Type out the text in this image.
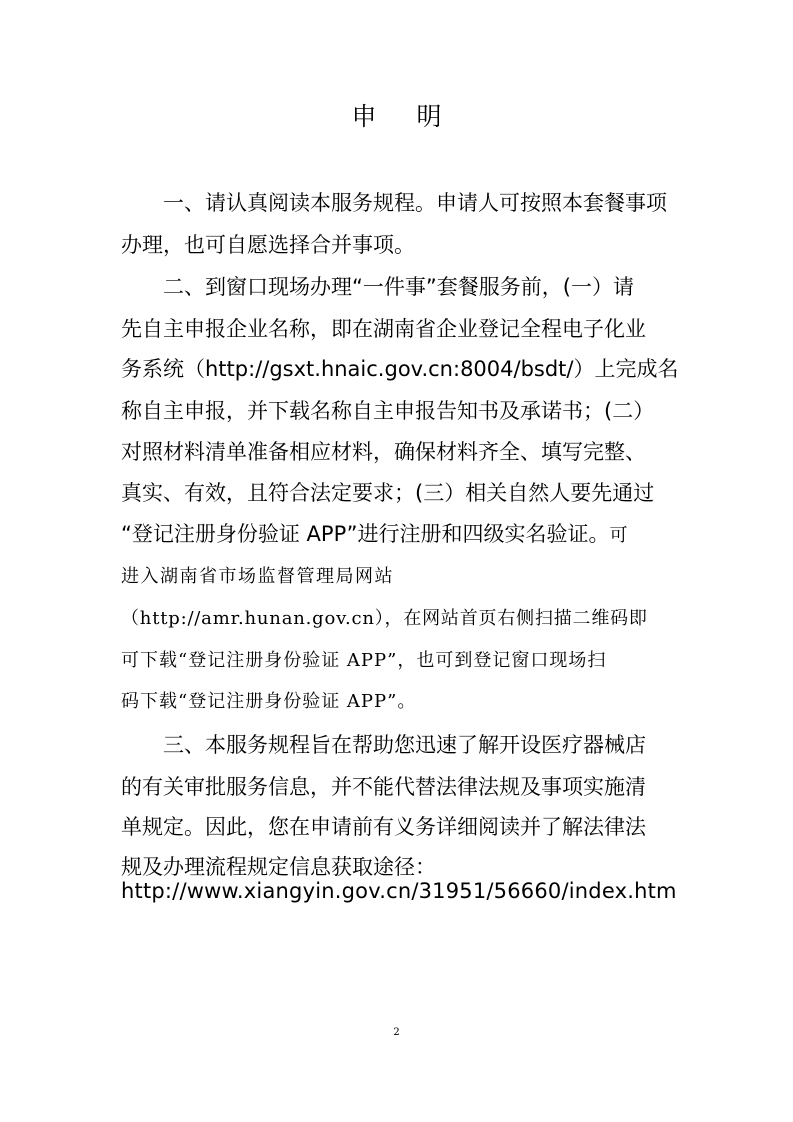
申 明
一、请认真阅读本服务规程。申请人可按照本套餐事项
办理，也可自愿选择合并事项。
二、到窗口现场办理“一件事”套餐服务前，(一）请
先自主申报企业名称，即在湖南省企业登记全程电子化业
务系统（http://gsxt.hnaic.gov.cn:8004/bsdt/）上完成名
称自主申报，并下载名称自主申报告知书及承诺书；(二）
对照材料清单准备相应材料，确保材料齐全、填写完整、
真实、有效，且符合法定要求；(三）相关自然人要先通过
“登记注册身份验证 APP”进行注册和四级实名验证。可
进入湖南省市场监督管理局网站
（http://amr.hunan.gov.cn），在网站首页右侧扫描二维码即
可下载“登记注册身份验证 APP”，也可到登记窗口现场扫
码下载“登记注册身份验证 APP”。
三、本服务规程旨在帮助您迅速了解开设医疗器械店
的有关审批服务信息，并不能代替法律法规及事项实施清
单规定。因此，您在申请前有义务详细阅读并了解法律法
规及办理流程规定信息获取途径：
http://www.xiangyin.gov.cn/31951/56660/index.htm
2
